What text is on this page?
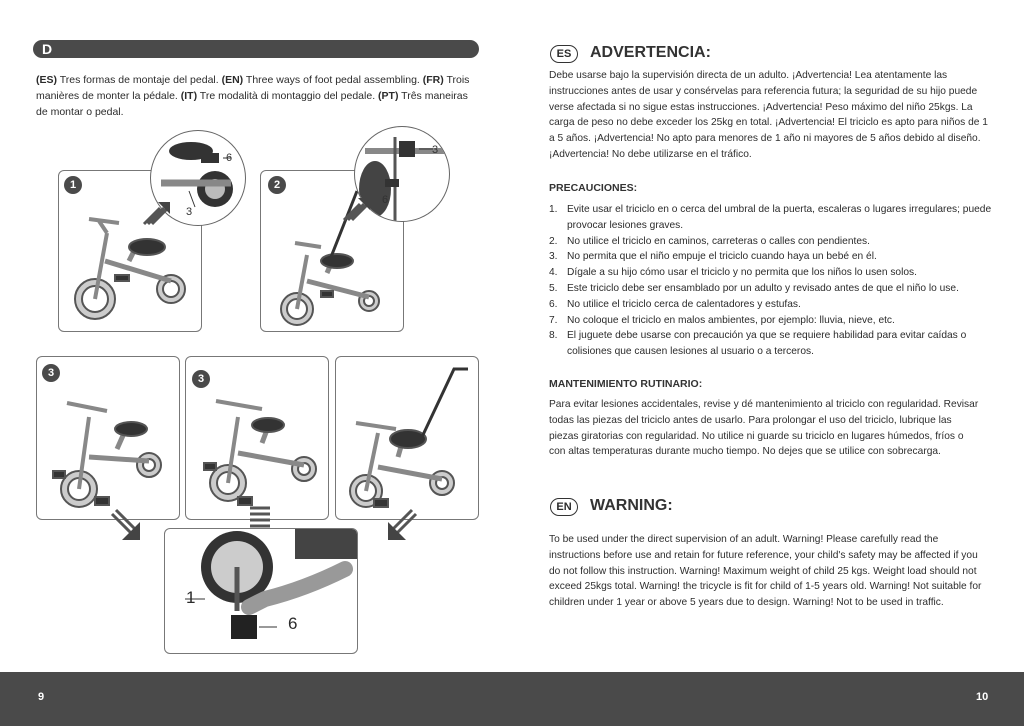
D
(ES) Tres formas de montaje del pedal. (EN) Three ways of foot pedal assembling. (FR) Trois manières de monter la pédale. (IT) Tre modalità di montaggio del pedale. (PT) Três maneiras de montar o pedal.
1
6
3
2
3
6
3	3
1
6
ES	ADVERTENCIA:
Debe usarse bajo la supervisión directa de un adulto. ¡Advertencia! Lea atentamente las instrucciones antes de usar y consérvelas para referencia futura; la seguridad de su hijo puede verse afectada si no sigue estas instrucciones. ¡Advertencia! Peso máximo del niño 25kgs. La carga de peso no debe exceder los 25kg en total. ¡Advertencia! El triciclo es apto para niños de 1 a 5 años. ¡Advertencia! No apto para menores de 1 año ni mayores de 5 años debido al diseño. ¡Advertencia! No debe utilizarse en el tráfico.
PRECAUCIONES:
1. Evite usar el triciclo en o cerca del umbral de la puerta, escaleras o lugares irregulares; puede provocar lesiones graves.
2. No utilice el triciclo en caminos, carreteras o calles con pendientes.
3. No permita que el niño empuje el triciclo cuando haya un bebé en él.
4. Dígale a su hijo cómo usar el triciclo y no permita que los niños lo usen solos.
5. Este triciclo debe ser ensamblado por un adulto y revisado antes de que el niño lo use.
6. No utilice el triciclo cerca de calentadores y estufas.
7. No coloque el triciclo en malos ambientes, por ejemplo: lluvia, nieve, etc.
8. El juguete debe usarse con precaución ya que se requiere habilidad para evitar caídas o colisiones que causen lesiones al usuario o a terceros.
MANTENIMIENTO RUTINARIO:
Para evitar lesiones accidentales, revise y dé mantenimiento al triciclo con regularidad. Revisar todas las piezas del triciclo antes de usarlo. Para prolongar el uso del triciclo, lubrique las piezas giratorias con regularidad. No utilice ni guarde su triciclo en lugares húmedos, fríos o con altas temperaturas durante mucho tiempo. No dejes que se utilice con sobrecarga.
EN	WARNING:
To be used under the direct supervision of an adult. Warning! Please carefully read the instructions before use and retain for future reference, your child's safety may be affected if you do not follow this instruction. Warning! Maximum weight of child 25 kgs. Weight load should not exceed 25kgs total. Warning! the tricycle is fit for child of 1-5 years old. Warning! Not suitable for children under 1 year or above 5 years due to design. Warning! Not to be used in traffic.
9	10
